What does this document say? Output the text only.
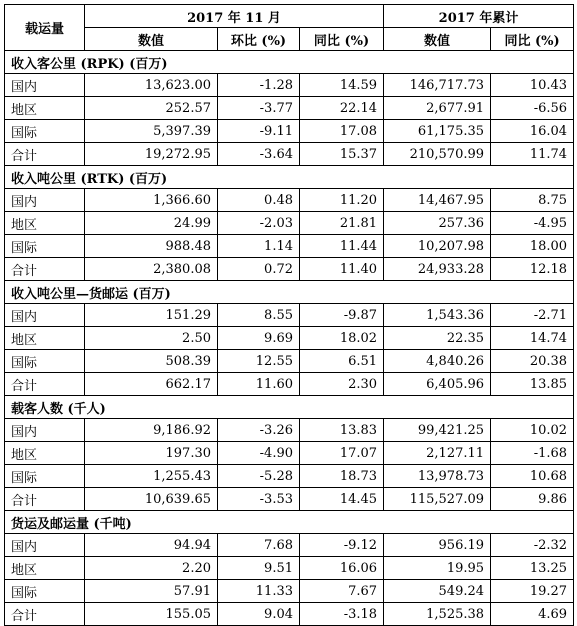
载运量	2017 年 11 月			2017 年累计	
	数值	环比 (%)	同比 (%)	数值	同比 (%)
收入客公里 (RPK) (百万)					
国内	13,623.00	-1.28	14.59	146,717.73	10.43
地区	252.57	-3.77	22.14	2,677.91	-6.56
国际	5,397.39	-9.11	17.08	61,175.35	16.04
合计	19,272.95	-3.64	15.37	210,570.99	11.74
收入吨公里 (RTK) (百万)					
国内	1,366.60	0.48	11.20	14,467.95	8.75
地区	24.99	-2.03	21.81	257.36	-4.95
国际	988.48	1.14	11.44	10,207.98	18.00
合计	2,380.08	0.72	11.40	24,933.28	12.18
收入吨公里—货邮运 (百万)					
国内	151.29	8.55	-9.87	1,543.36	-2.71
地区	2.50	9.69	18.02	22.35	14.74
国际	508.39	12.55	6.51	4,840.26	20.38
合计	662.17	11.60	2.30	6,405.96	13.85
载客人数 (千人)					
国内	9,186.92	-3.26	13.83	99,421.25	10.02
地区	197.30	-4.90	17.07	2,127.11	-1.68
国际	1,255.43	-5.28	18.73	13,978.73	10.68
合计	10,639.65	-3.53	14.45	115,527.09	9.86
货运及邮运量 (千吨)					
国内	94.94	7.68	-9.12	956.19	-2.32
地区	2.20	9.51	16.06	19.95	13.25
国际	57.91	11.33	7.67	549.24	19.27
合计	155.05	9.04	-3.18	1,525.38	4.69
